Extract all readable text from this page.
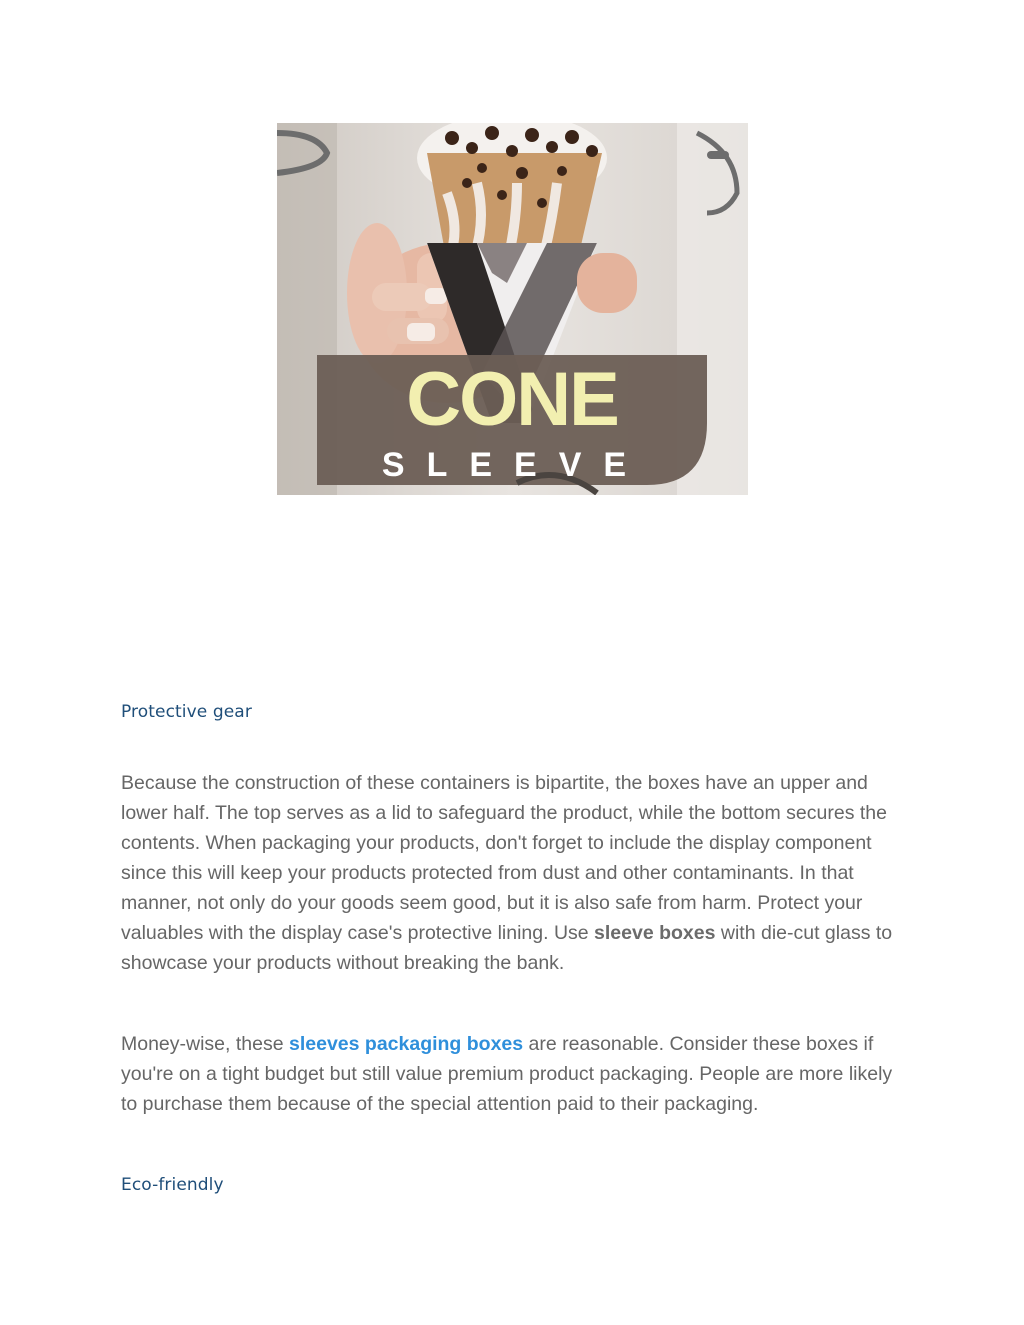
CONE
SLEEVE
Protective gear
Because the construction of these containers is bipartite, the boxes have an upper and lower half. The top serves as a lid to safeguard the product, while the bottom secures the contents. When packaging your products, don't forget to include the display component since this will keep your products protected from dust and other contaminants. In that manner, not only do your goods seem good, but it is also safe from harm. Protect your valuables with the display case's protective lining. Use sleeve boxes with die-cut glass to showcase your products without breaking the bank.
Money-wise, these sleeves packaging boxes are reasonable. Consider these boxes if you're on a tight budget but still value premium product packaging. People are more likely to purchase them because of the special attention paid to their packaging.
Eco-friendly
